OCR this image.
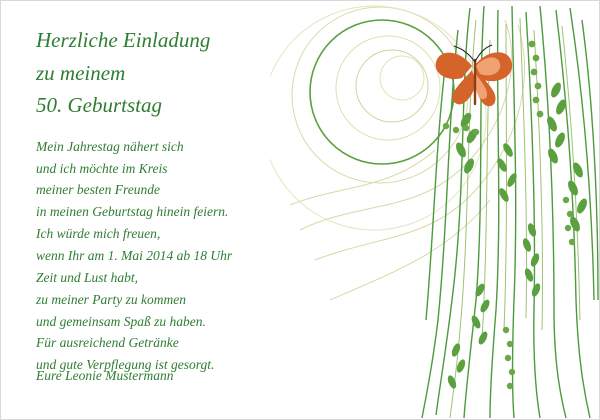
Herzliche Einladung
zu meinem
50. Geburtstag
Mein Jahrestag nähert sich
und ich möchte im Kreis
meiner besten Freunde
in meinen Geburtstag hinein feiern.
Ich würde mich freuen,
wenn Ihr am 1. Mai 2014 ab 18 Uhr
Zeit und Lust habt,
zu meiner Party zu kommen
und gemeinsam Spaß zu haben.
Für ausreichend Getränke
und gute Verpflegung ist gesorgt.
Eure Leonie Mustermann
